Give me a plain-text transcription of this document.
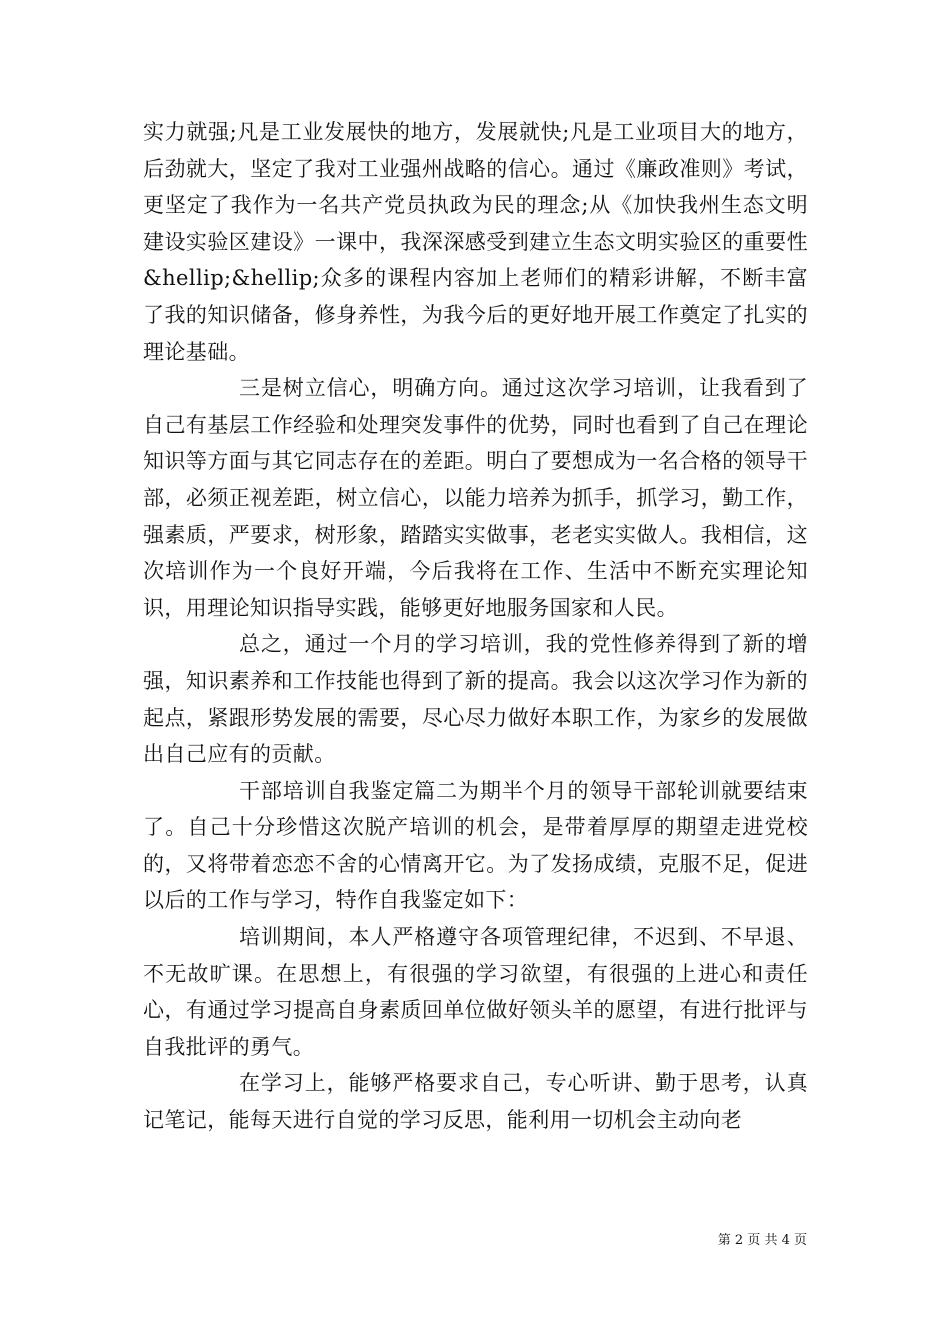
实力就强;凡是工业发展快的地方，发展就快;凡是工业项目大的地方，后劲就大，坚定了我对工业强州战略的信心。通过《廉政准则》考试，更坚定了我作为一名共产党员执政为民的理念;从《加快我州生态文明建设实验区建设》一课中，我深深感受到建立生态文明实验区的重要性&hellip;&hellip;众多的课程内容加上老师们的精彩讲解，不断丰富了我的知识储备，修身养性，为我今后的更好地开展工作奠定了扎实的理论基础。

三是树立信心，明确方向。通过这次学习培训，让我看到了自己有基层工作经验和处理突发事件的优势，同时也看到了自己在理论知识等方面与其它同志存在的差距。明白了要想成为一名合格的领导干部，必须正视差距，树立信心，以能力培养为抓手，抓学习，勤工作，强素质，严要求，树形象，踏踏实实做事，老老实实做人。我相信，这次培训作为一个良好开端，今后我将在工作、生活中不断充实理论知识，用理论知识指导实践，能够更好地服务国家和人民。

总之，通过一个月的学习培训，我的党性修养得到了新的增强，知识素养和工作技能也得到了新的提高。我会以这次学习作为新的起点，紧跟形势发展的需要，尽心尽力做好本职工作，为家乡的发展做出自己应有的贡献。

干部培训自我鉴定篇二为期半个月的领导干部轮训就要结束了。自己十分珍惜这次脱产培训的机会，是带着厚厚的期望走进党校的，又将带着恋恋不舍的心情离开它。为了发扬成绩，克服不足，促进以后的工作与学习，特作自我鉴定如下：

培训期间，本人严格遵守各项管理纪律，不迟到、不早退、不无故旷课。在思想上，有很强的学习欲望，有很强的上进心和责任心，有通过学习提高自身素质回单位做好领头羊的愿望，有进行批评与自我批评的勇气。

在学习上，能够严格要求自己，专心听讲、勤于思考，认真记笔记，能每天进行自觉的学习反思，能利用一切机会主动向老

第 2 页 共 4 页
